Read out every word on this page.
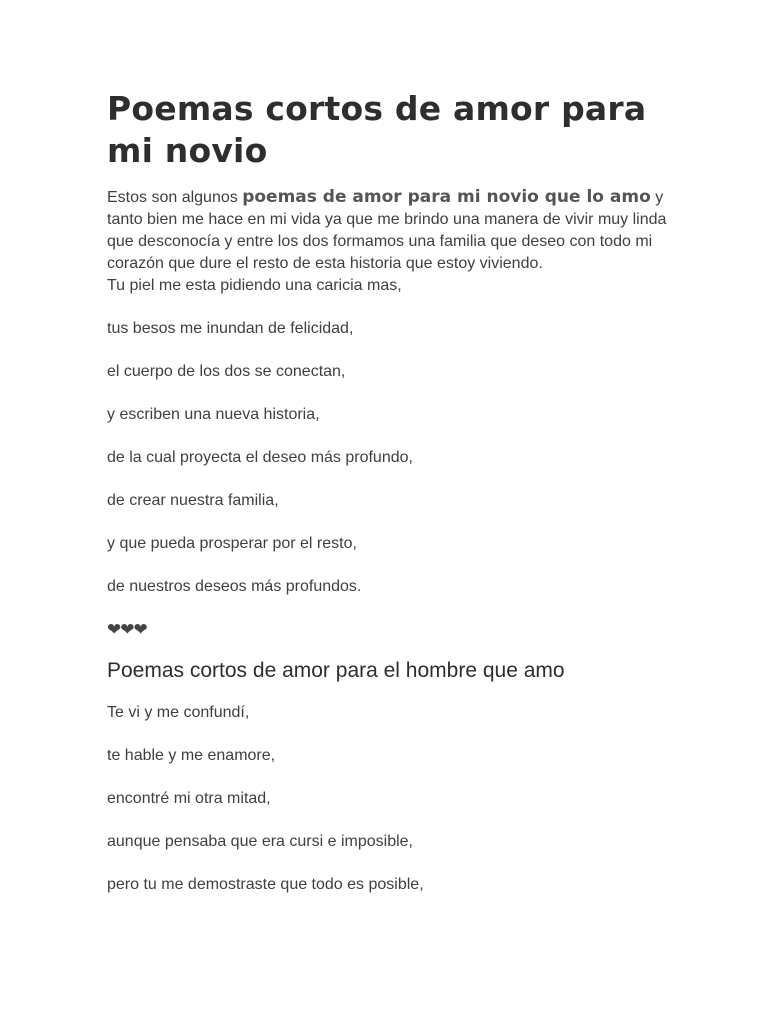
Poemas cortos de amor para mi novio
Estos son algunos poemas de amor para mi novio que lo amo y tanto bien me hace en mi vida ya que me brindo una manera de vivir muy linda que desconocía y entre los dos formamos una familia que deseo con todo mi corazón que dure el resto de esta historia que estoy viviendo.

Tu piel me esta pidiendo una caricia mas,

tus besos me inundan de felicidad,

el cuerpo de los dos se conectan,

y escriben una nueva historia,

de la cual proyecta el deseo más profundo,

de crear nuestra familia,

y que pueda prosperar por el resto,

de nuestros deseos más profundos.

❤❤❤
Poemas cortos de amor para el hombre que amo

Te vi y me confundí,

te hable y me enamore,

encontré mi otra mitad,

aunque pensaba que era cursi e imposible,

pero tu me demostraste que todo es posible,
